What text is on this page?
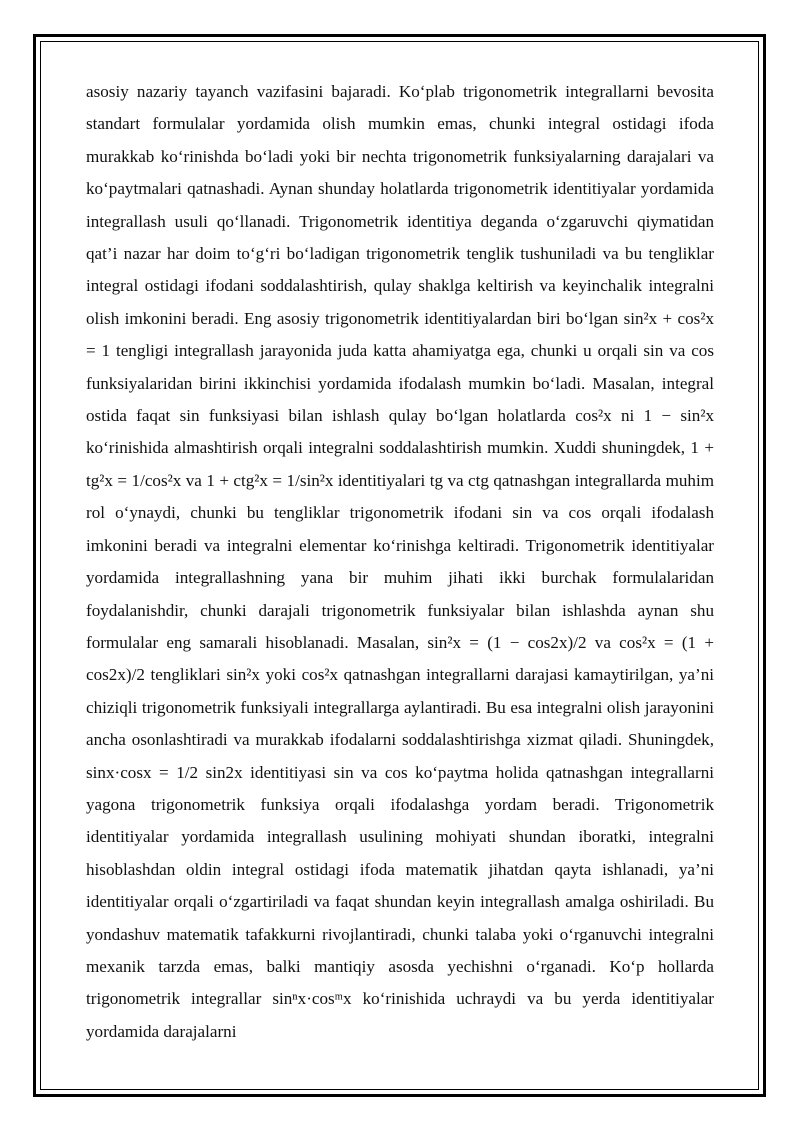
asosiy nazariy tayanch vazifasini bajaradi. Ko‘plab trigonometrik integrallarni bevosita standart formulalar yordamida olish mumkin emas, chunki integral ostidagi ifoda murakkab ko‘rinishda bo‘ladi yoki bir nechta trigonometrik funksiyalarning darajalari va ko‘paytmalari qatnashadi. Aynan shunday holatlarda trigonometrik identitiyalar yordamida integrallash usuli qo‘llanadi. Trigonometrik identitiya deganda o‘zgaruvchi qiymatidan qat’i nazar har doim to‘g‘ri bo‘ladigan trigonometrik tenglik tushuniladi va bu tengliklar integral ostidagi ifodani soddalashtirish, qulay shaklga keltirish va keyinchalik integralni olish imkonini beradi. Eng asosiy trigonometrik identitiyalardan biri bo‘lgan sin²x + cos²x = 1 tengligi integrallash jarayonida juda katta ahamiyatga ega, chunki u orqali sin va cos funksiyalaridan birini ikkinchisi yordamida ifodalash mumkin bo‘ladi. Masalan, integral ostida faqat sin funksiyasi bilan ishlash qulay bo‘lgan holatlarda cos²x ni 1 − sin²x ko‘rinishida almashtirish orqali integralni soddalashtirish mumkin. Xuddi shuningdek, 1 + tg²x = 1/cos²x va 1 + ctg²x = 1/sin²x identitiyalari tg va ctg qatnashgan integrallarda muhim rol o‘ynaydi, chunki bu tengliklar trigonometrik ifodani sin va cos orqali ifodalash imkonini beradi va integralni elementar ko‘rinishga keltiradi. Trigonometrik identitiyalar yordamida integrallashning yana bir muhim jihati ikki burchak formulalaridan foydalanishdir, chunki darajali trigonometrik funksiyalar bilan ishlashda aynan shu formulalar eng samarali hisoblanadi. Masalan, sin²x = (1 − cos2x)/2 va cos²x = (1 + cos2x)/2 tengliklari sin²x yoki cos²x qatnashgan integrallarni darajasi kamaytirilgan, ya’ni chiziqli trigonometrik funksiyali integrallarga aylantiradi. Bu esa integralni olish jarayonini ancha osonlashtiradi va murakkab ifodalarni soddalashtirishga xizmat qiladi. Shuningdek, sinx·cosx = 1/2 sin2x identitiyasi sin va cos ko‘paytma holida qatnashgan integrallarni yagona trigonometrik funksiya orqali ifodalashga yordam beradi. Trigonometrik identitiyalar yordamida integrallash usulining mohiyati shundan iboratki, integralni hisoblashdan oldin integral ostidagi ifoda matematik jihatdan qayta ishlanadi, ya’ni identitiyalar orqali o‘zgartiriladi va faqat shundan keyin integrallash amalga oshiriladi. Bu yondashuv matematik tafakkurni rivojlantiradi, chunki talaba yoki o‘rganuvchi integralni mexanik tarzda emas, balki mantiqiy asosda yechishni o‘rganadi. Ko‘p hollarda trigonometrik integrallar sinⁿx·cosᵐx ko‘rinishida uchraydi va bu yerda identitiyalar yordamida darajalarni
